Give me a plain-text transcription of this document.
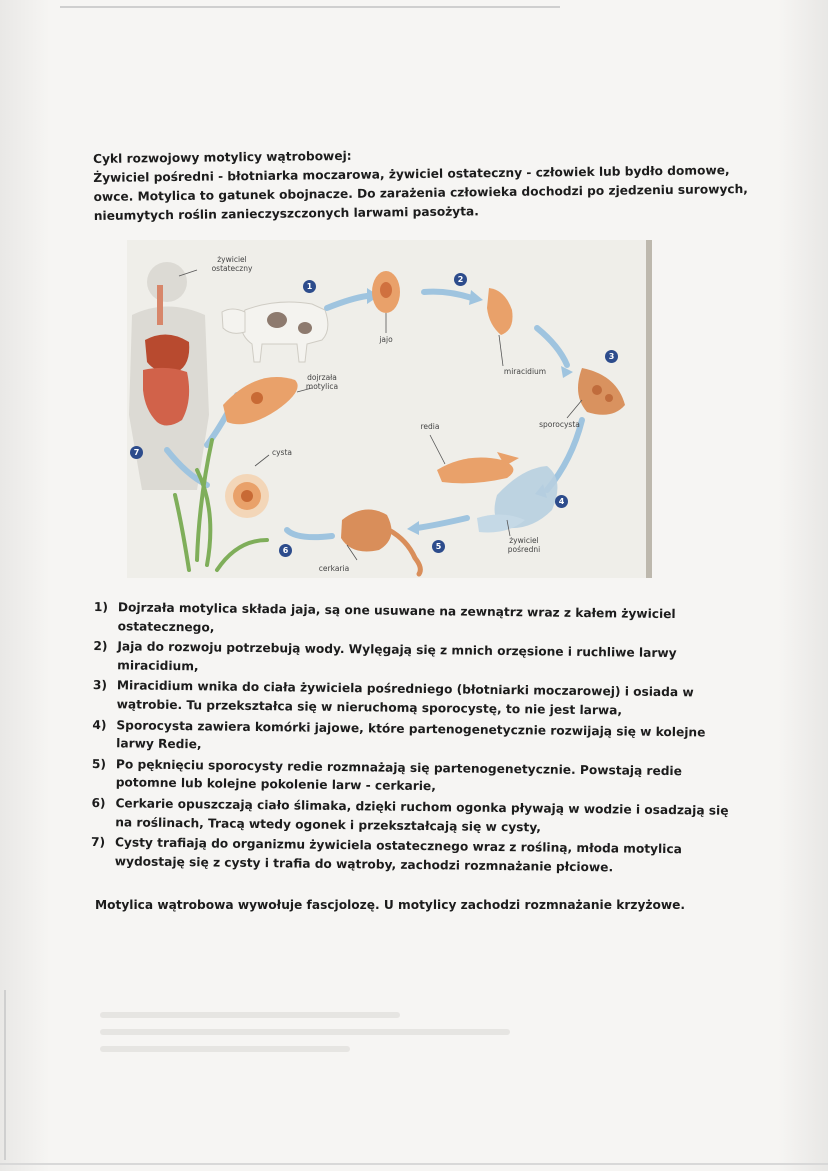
Cykl rozwojowy motylicy wątrobowej:
Żywiciel pośredni - błotniarka moczarowa, żywiciel ostateczny - człowiek lub bydło domowe,
owce. Motylica to gatunek obojnacze. Do zarażenia człowieka dochodzi po zjedzeniu surowych,
nieumytych roślin zanieczyszczonych larwami pasożyta.
żywiciel ostateczny
jajo
miracidium
sporocysta
redia
żywiciel pośredni
cerkaria
cysta
dojrzała motylica
1
2
3
4
5
6
7
1) Dojrzała motylica składa jaja, są one usuwane na zewnątrz wraz z kałem żywiciel ostatecznego,
2) Jaja do rozwoju potrzebują wody. Wylęgają się z mnich orzęsione i ruchliwe larwy miracidium,
3) Miracidium wnika do ciała żywiciela pośredniego (błotniarki moczarowej) i osiada w wątrobie. Tu przekształca się w nieruchomą sporocystę, to nie jest larwa,
4) Sporocysta zawiera komórki jajowe, które partenogenetycznie rozwijają się w kolejne larwy Redie,
5) Po pęknięciu sporocysty redie rozmnażają się partenogenetycznie. Powstają redie potomne lub kolejne pokolenie larw - cerkarie,
6) Cerkarie opuszczają ciało ślimaka, dzięki ruchom ogonka pływają w wodzie i osadzają się na roślinach, Tracą wtedy ogonek i przekształcają się w cysty,
7) Cysty trafiają do organizmu żywiciela ostatecznego wraz z rośliną, młoda motylica wydostaję się z cysty i trafia do wątroby, zachodzi rozmnażanie płciowe.
Motylica wątrobowa wywołuje fascjolozę. U motylicy zachodzi rozmnażanie krzyżowe.
